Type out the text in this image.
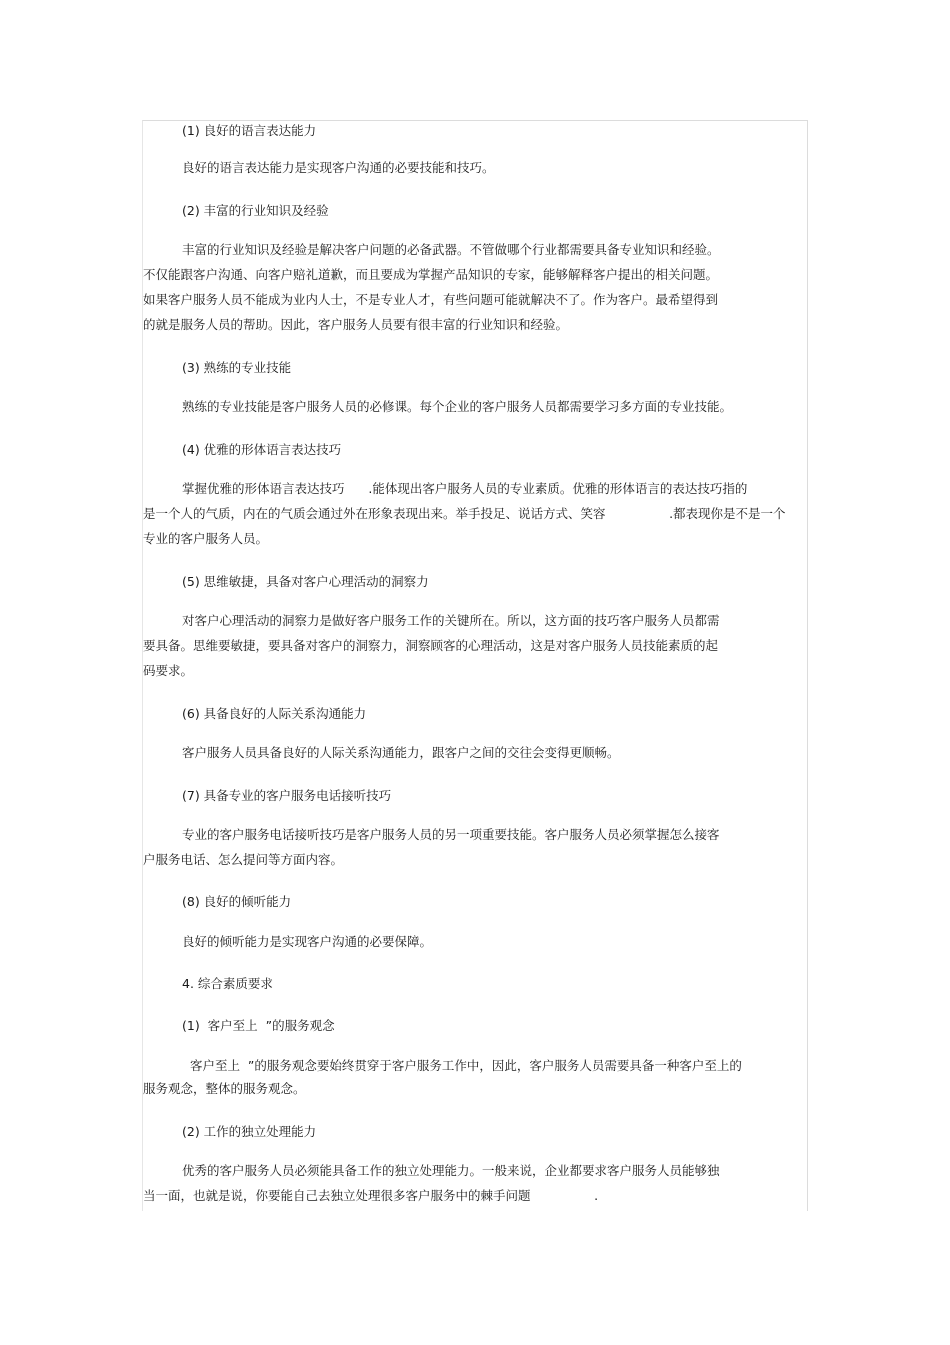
(1) 良好的语言表达能力
良好的语言表达能力是实现客户沟通的必要技能和技巧。
(2) 丰富的行业知识及经验
丰富的行业知识及经验是解决客户问题的必备武器。不管做哪个行业都需要具备专业知识和经验。
不仅能跟客户沟通、向客户赔礼道歉，而且要成为掌握产品知识的专家，能够解释客户提出的相关问题。
如果客户服务人员不能成为业内人士，不是专业人才，有些问题可能就解决不了。作为客户。最希望得到
的就是服务人员的帮助。因此，客户服务人员要有很丰富的行业知识和经验。
(3) 熟练的专业技能
熟练的专业技能是客户服务人员的必修课。每个企业的客户服务人员都需要学习多方面的专业技能。
(4) 优雅的形体语言表达技巧
掌握优雅的形体语言表达技巧      .能体现出客户服务人员的专业素质。优雅的形体语言的表达技巧指的
是一个人的气质，内在的气质会通过外在形象表现出来。举手投足、说话方式、笑容                .都表现你是不是一个
专业的客户服务人员。
(5) 思维敏捷，具备对客户心理活动的洞察力
对客户心理活动的洞察力是做好客户服务工作的关键所在。所以，这方面的技巧客户服务人员都需
要具备。思维要敏捷，要具备对客户的洞察力，洞察顾客的心理活动，这是对客户服务人员技能素质的起
码要求。
(6) 具备良好的人际关系沟通能力
客户服务人员具备良好的人际关系沟通能力，跟客户之间的交往会变得更顺畅。
(7) 具备专业的客户服务电话接听技巧
专业的客户服务电话接听技巧是客户服务人员的另一项重要技能。客户服务人员必须掌握怎么接客
户服务电话、怎么提问等方面内容。
(8) 良好的倾听能力
良好的倾听能力是实现客户沟通的必要保障。
4. 综合素质要求
(1)  客户至上  ”的服务观念
客户至上  ”的服务观念要始终贯穿于客户服务工作中，因此，客户服务人员需要具备一种客户至上的
服务观念，整体的服务观念。
(2) 工作的独立处理能力
优秀的客户服务人员必须能具备工作的独立处理能力。一般来说，企业都要求客户服务人员能够独
当一面，也就是说，你要能自己去独立处理很多客户服务中的棘手问题                .
